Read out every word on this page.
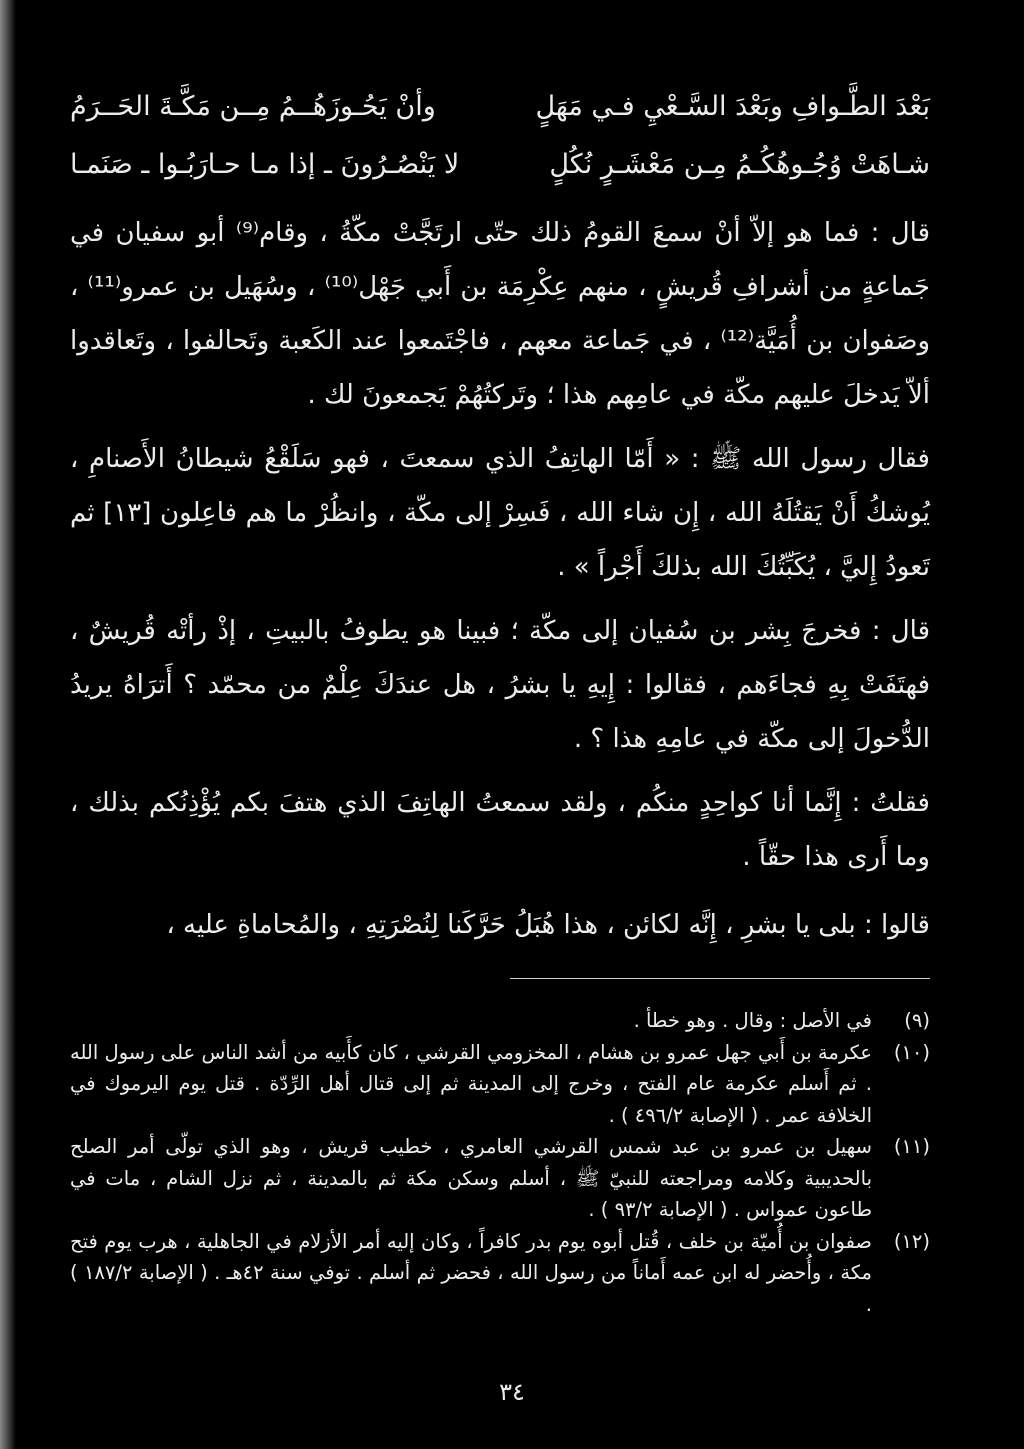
بَعْدَ الطَّـوافِ وبَعْدَ السَّـعْيِ فـي مَهَلٍ
وأنْ يَحُـوزَهُــمُ مِــن مَكَّـةَ الحَــرَمُ
شـاهَتْ وُجُـوهُكُـمُ مِـن مَعْشَـرٍ نُكُلٍ
لا يَنْصُـرُونَ ـ إذا مـا حـارَبُـوا ـ صَنَمـا

قال : فما هو إلاّ أنْ سمعَ القومُ ذلك حتّى ارتَجَّتْ مكّةُ ، وقام⁽⁹⁾ أبو سفيان في جَماعةٍ من أشرافِ قُريشٍ ، منهم عِكْرِمَة بن أَبي جَهْل⁽¹⁰⁾ ، وسُهَيل بن عمرو⁽¹¹⁾ ، وصَفوان بن أُمَيَّة⁽¹²⁾ ، في جَماعة معهم ، فاجْتَمعوا عند الكَعبة وتَحالفوا ، وتَعاقدوا ألاّ يَدخلَ عليهم مكّة في عامِهم هذا ؛ وتَركتُهُمْ يَجمعونَ لك .

فقال رسول الله ﷺ : « أَمّا الهاتِفُ الذي سمعتَ ، فهو سَلَقْعُ شيطانُ الأَصنامِ ، يُوشكُ أَنْ يَقتُلَهُ الله ، إِن شاء الله ، فَسِرْ إلى مكّة ، وانظُرْ ما هم فاعِلون [١٣] ثم تَعودُ إِليَّ ، يُكَبِّتُكَ الله بذلكَ أَجْراً » .

قال : فخرجَ بِشر بن سُفيان إلى مكّة ؛ فبينا هو يطوفُ بالبيتِ ، إذْ رأتْه قُريشٌ ، فهتَفَتْ بِهِ فجاءَهم ، فقالوا : إِيهِ يا بشرُ ، هل عندَكَ عِلْمٌ من محمّد ؟ أَترَاهُ يريدُ الدُّخولَ إلى مكّة في عامِهِ هذا ؟ .

فقلتُ : إِنَّما أنا كواحِدٍ منكُم ، ولقد سمعتُ الهاتِفَ الذي هتفَ بكم يُؤْذِنُكم بذلك ، وما أَرى هذا حقّاً .

قالوا : بلى يا بشرِ ، إِنَّه لكائن ، هذا هُبَلُ حَرَّكَنا لِنُصْرَتِهِ ، والمُحاماةِ عليه ،

(٩)
في الأصل : وقال . وهو خطأ .
(١٠)
عكرمة بن أَبي جهل عمرو بن هشام ، المخزومي القرشي ، كان كأَبيه من أشد الناس على رسول الله . ثم أَسلم عكرمة عام الفتح ، وخرج إلى المدينة ثم إلى قتال أهل الرِّدّة . قتل يوم اليرموك في الخلافة عمر . ( الإصابة ٤٩٦/٢ ) .
(١١)
سهيل بن عمرو بن عبد شمس القرشي العامري ، خطيب قريش ، وهو الذي تولّى أمر الصلح بالحديبية وكلامه ومراجعته للنبيّ ﷺ ، أسلم وسكن مكة ثم بالمدينة ، ثم نزل الشام ، مات في طاعون عمواس . ( الإصابة ٩٣/٢ ) .
(١٢)
صفوان بن أُميّة بن خلف ، قُتل أبوه يوم بدر كافراً ، وكان إليه أمر الأزلام في الجاهلية ، هرب يوم فتح مكة ، وأُحضر له ابن عمه أَماناً من رسول الله ، فحضر ثم أسلم . توفي سنة ٤٢هـ . ( الإصابة ١٨٧/٢ ) .
٣٤
